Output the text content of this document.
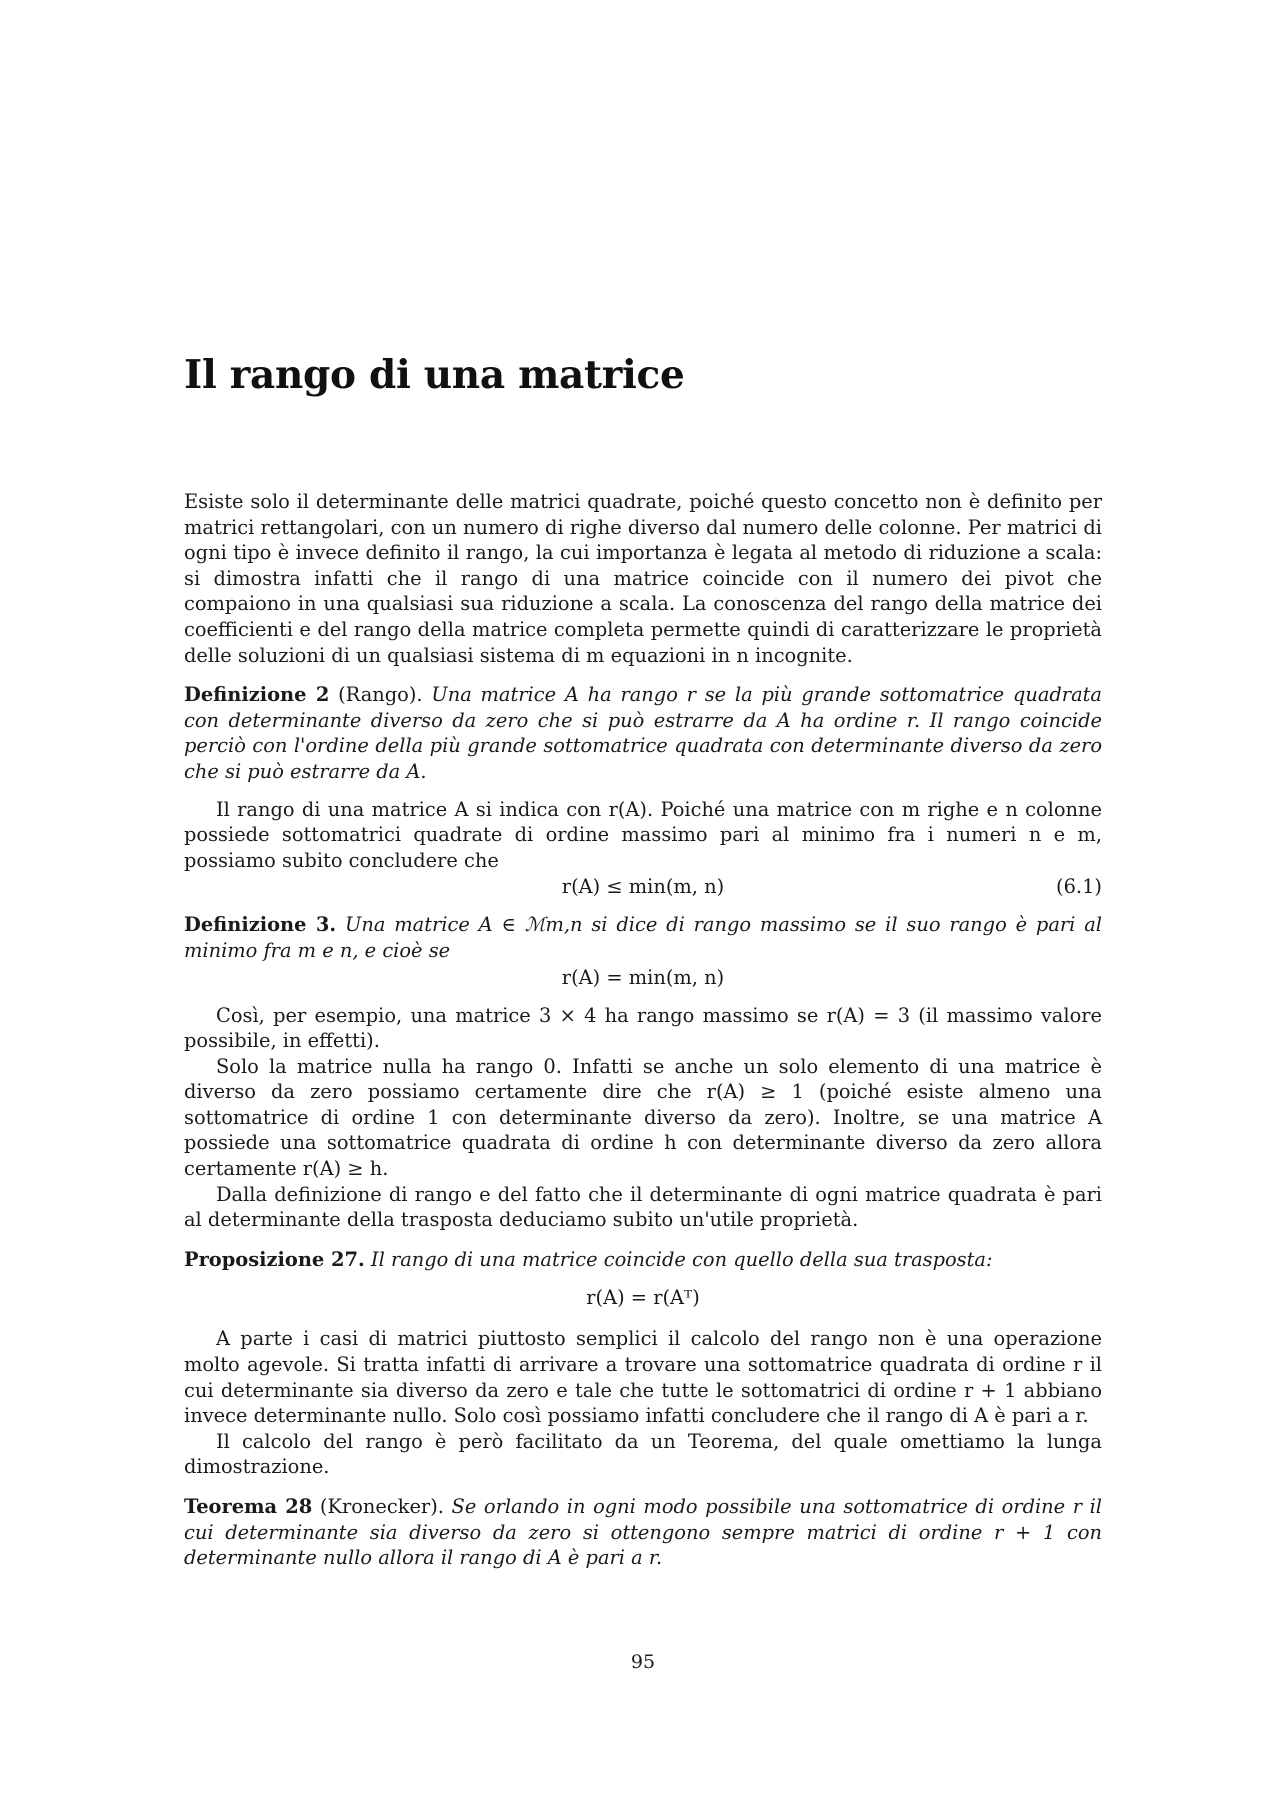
Il rango di una matrice

Esiste solo il determinante delle matrici quadrate, poiché questo concetto non è definito per matrici rettangolari, con un numero di righe diverso dal numero delle colonne. Per matrici di ogni tipo è invece definito il rango, la cui importanza è legata al metodo di riduzione a scala: si dimostra infatti che il rango di una matrice coincide con il numero dei pivot che compaiono in una qualsiasi sua riduzione a scala. La conoscenza del rango della matrice dei coefficienti e del rango della matrice completa permette quindi di caratterizzare le proprietà delle soluzioni di un qualsiasi sistema di m equazioni in n incognite.

Definizione 2 (Rango). Una matrice A ha rango r se la più grande sottomatrice quadrata con determinante diverso da zero che si può estrarre da A ha ordine r. Il rango coincide perciò con l'ordine della più grande sottomatrice quadrata con determinante diverso da zero che si può estrarre da A.

Il rango di una matrice A si indica con r(A). Poiché una matrice con m righe e n colonne possiede sottomatrici quadrate di ordine massimo pari al minimo fra i numeri n e m, possiamo subito concludere che

r(A) ≤ min(m, n)	(6.1)

Definizione 3. Una matrice A ∈ ℳm,n si dice di rango massimo se il suo rango è pari al minimo fra m e n, e cioè se

r(A) = min(m, n)

Così, per esempio, una matrice 3 × 4 ha rango massimo se r(A) = 3 (il massimo valore possibile, in effetti).

Solo la matrice nulla ha rango 0. Infatti se anche un solo elemento di una matrice è diverso da zero possiamo certamente dire che r(A) ≥ 1 (poiché esiste almeno una sottomatrice di ordine 1 con determinante diverso da zero). Inoltre, se una matrice A possiede una sottomatrice quadrata di ordine h con determinante diverso da zero allora certamente r(A) ≥ h.

Dalla definizione di rango e del fatto che il determinante di ogni matrice quadrata è pari al determinante della trasposta deduciamo subito un'utile proprietà.

Proposizione 27. Il rango di una matrice coincide con quello della sua trasposta:

r(A) = r(Aᵀ)

A parte i casi di matrici piuttosto semplici il calcolo del rango non è una operazione molto agevole. Si tratta infatti di arrivare a trovare una sottomatrice quadrata di ordine r il cui determinante sia diverso da zero e tale che tutte le sottomatrici di ordine r + 1 abbiano invece determinante nullo. Solo così possiamo infatti concludere che il rango di A è pari a r.

Il calcolo del rango è però facilitato da un Teorema, del quale omettiamo la lunga dimostrazione.

Teorema 28 (Kronecker). Se orlando in ogni modo possibile una sottomatrice di ordine r il cui determinante sia diverso da zero si ottengono sempre matrici di ordine r + 1 con determinante nullo allora il rango di A è pari a r.

95
